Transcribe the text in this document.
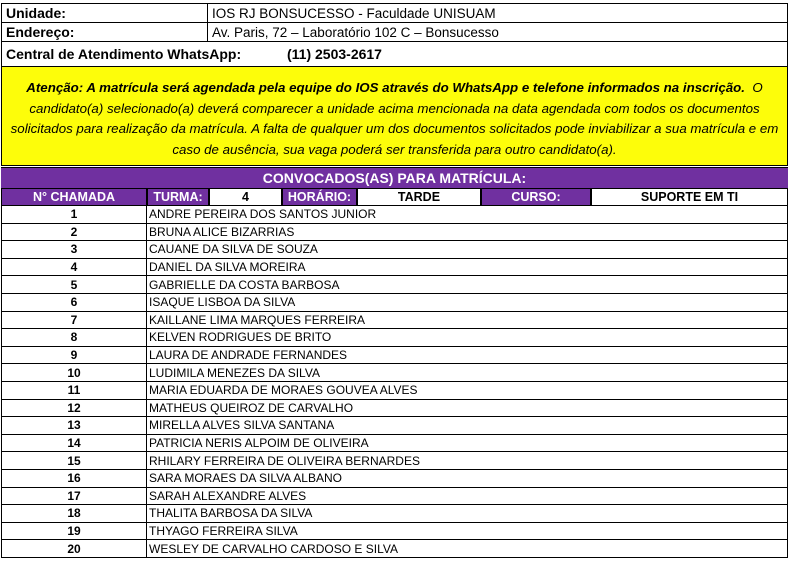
Unidade:	IOS RJ BONSUCESSO - Faculdade UNISUAM
Endereço:	Av. Paris, 72 – Laboratório 102 C – Bonsucesso
Central de Atendimento WhatsApp:	(11) 2503-2617
Atenção: A matrícula será agendada pela equipe do IOS através do WhatsApp e telefone informados na inscrição. O candidato(a) selecionado(a) deverá comparecer a unidade acima mencionada na data agendada com todos os documentos solicitados para realização da matrícula. A falta de qualquer um dos documentos solicitados pode inviabilizar a sua matrícula e em caso de ausência, sua vaga poderá ser transferida para outro candidato(a).
CONVOCADOS(AS) PARA MATRÍCULA:
N° CHAMADA	TURMA:	4	HORÁRIO:	TARDE	CURSO:	SUPORTE EM TI
1	ANDRE PEREIRA DOS SANTOS JUNIOR
2	BRUNA ALICE BIZARRIAS
3	CAUANE DA SILVA DE SOUZA
4	DANIEL DA SILVA MOREIRA
5	GABRIELLE DA COSTA BARBOSA
6	ISAQUE LISBOA DA SILVA
7	KAILLANE LIMA MARQUES FERREIRA
8	KELVEN RODRIGUES DE BRITO
9	LAURA DE ANDRADE FERNANDES
10	LUDIMILA MENEZES DA SILVA
11	MARIA EDUARDA DE MORAES GOUVEA ALVES
12	MATHEUS QUEIROZ DE CARVALHO
13	MIRELLA ALVES SILVA SANTANA
14	PATRICIA NERIS ALPOIM DE OLIVEIRA
15	RHILARY FERREIRA DE OLIVEIRA BERNARDES
16	SARA MORAES DA SILVA ALBANO
17	SARAH ALEXANDRE ALVES
18	THALITA BARBOSA DA SILVA
19	THYAGO FERREIRA SILVA
20	WESLEY DE CARVALHO CARDOSO E SILVA
